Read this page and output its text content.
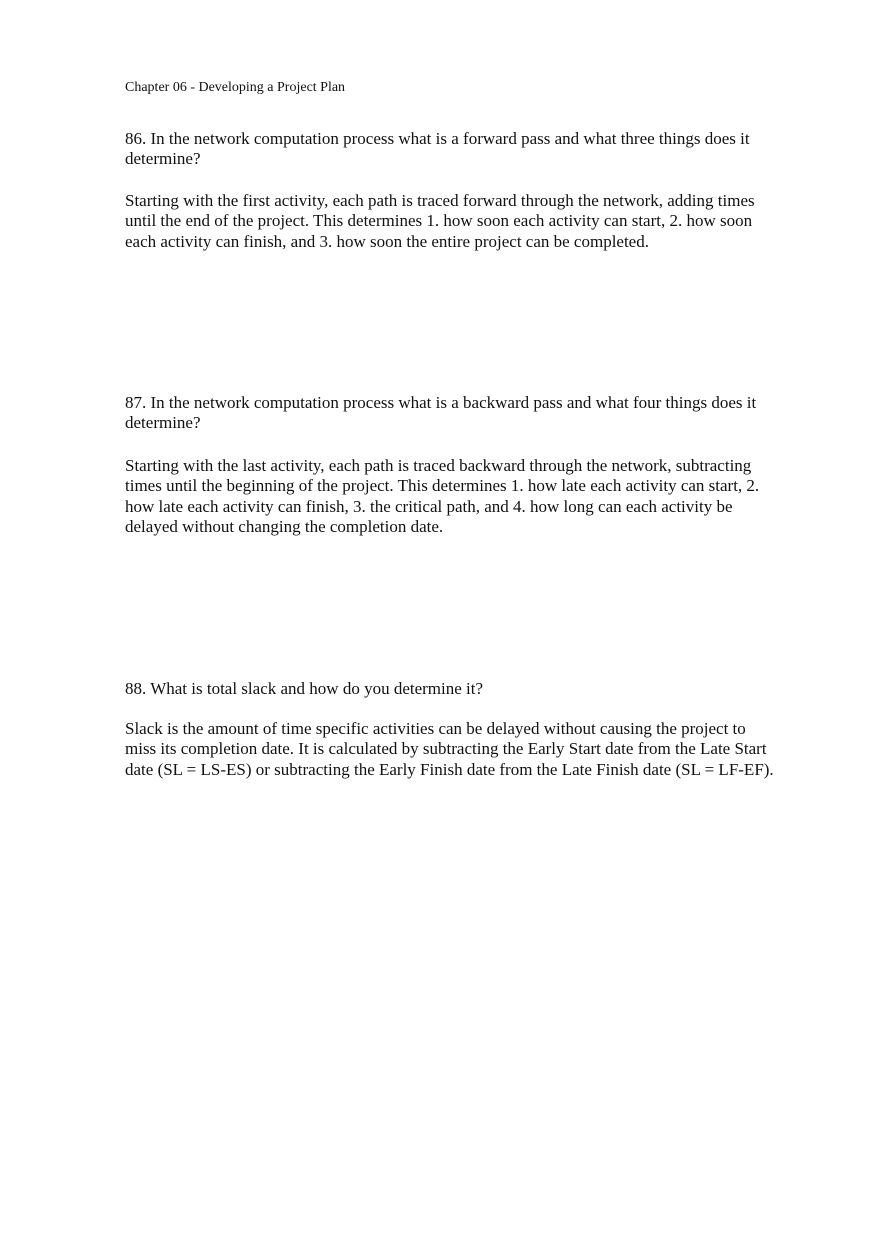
Chapter 06 - Developing a Project Plan

86. In the network computation process what is a forward pass and what three things does it determine?

Starting with the first activity, each path is traced forward through the network, adding times until the end of the project. This determines 1. how soon each activity can start, 2. how soon each activity can finish, and 3. how soon the entire project can be completed.

87. In the network computation process what is a backward pass and what four things does it determine?

Starting with the last activity, each path is traced backward through the network, subtracting times until the beginning of the project. This determines 1. how late each activity can start, 2. how late each activity can finish, 3. the critical path, and 4. how long can each activity be delayed without changing the completion date.

88. What is total slack and how do you determine it?

Slack is the amount of time specific activities can be delayed without causing the project to miss its completion date. It is calculated by subtracting the Early Start date from the Late Start date (SL = LS-ES) or subtracting the Early Finish date from the Late Finish date (SL = LF-EF).
